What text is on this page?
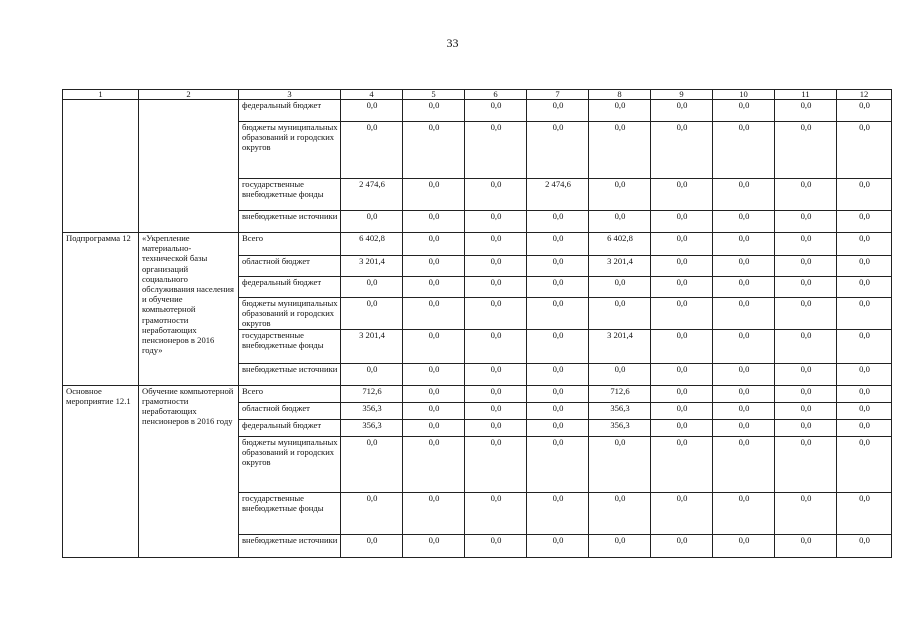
33
1	2	3	4	5	6	7	8	9	10	11	12
		федеральный бюджет	0,0	0,0	0,0	0,0	0,0	0,0	0,0	0,0	0,0
		бюджеты муниципальных образований и городских округов	0,0	0,0	0,0	0,0	0,0	0,0	0,0	0,0	0,0
		государственные внебюджетные фонды	2 474,6	0,0	0,0	2 474,6	0,0	0,0	0,0	0,0	0,0
		внебюджетные источники	0,0	0,0	0,0	0,0	0,0	0,0	0,0	0,0	0,0
Подпрограмма 12	«Укрепление материально-технической базы организаций социального обслуживания населения и обучение компьютерной грамотности неработающих пенсионеров в 2016 году»	Всего	6 402,8	0,0	0,0	0,0	6 402,8	0,0	0,0	0,0	0,0
		областной бюджет	3 201,4	0,0	0,0	0,0	3 201,4	0,0	0,0	0,0	0,0
		федеральный бюджет	0,0	0,0	0,0	0,0	0,0	0,0	0,0	0,0	0,0
		бюджеты муниципальных образований и городских округов	0,0	0,0	0,0	0,0	0,0	0,0	0,0	0,0	0,0
		государственные внебюджетные фонды	3 201,4	0,0	0,0	0,0	3 201,4	0,0	0,0	0,0	0,0
		внебюджетные источники	0,0	0,0	0,0	0,0	0,0	0,0	0,0	0,0	0,0
Основное мероприятие 12.1	Обучение компьютерной грамотности неработающих пенсионеров в 2016 году	Всего	712,6	0,0	0,0	0,0	712,6	0,0	0,0	0,0	0,0
		областной бюджет	356,3	0,0	0,0	0,0	356,3	0,0	0,0	0,0	0,0
		федеральный бюджет	356,3	0,0	0,0	0,0	356,3	0,0	0,0	0,0	0,0
		бюджеты муниципальных образований и городских округов	0,0	0,0	0,0	0,0	0,0	0,0	0,0	0,0	0,0
		государственные внебюджетные фонды	0,0	0,0	0,0	0,0	0,0	0,0	0,0	0,0	0,0
		внебюджетные источники	0,0	0,0	0,0	0,0	0,0	0,0	0,0	0,0	0,0
